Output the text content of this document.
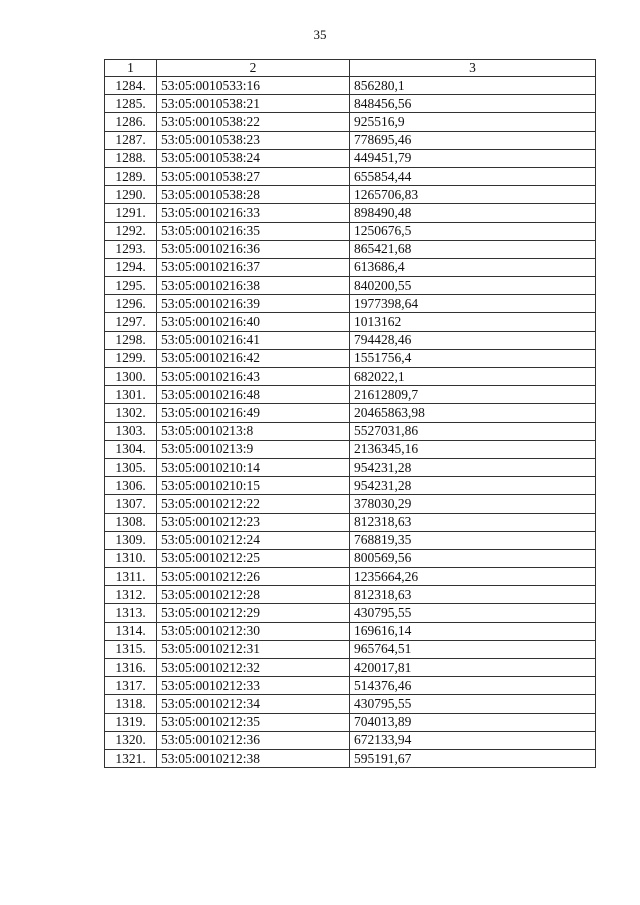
35
1	2	3
1284.	53:05:0010533:16	856280,1
1285.	53:05:0010538:21	848456,56
1286.	53:05:0010538:22	925516,9
1287.	53:05:0010538:23	778695,46
1288.	53:05:0010538:24	449451,79
1289.	53:05:0010538:27	655854,44
1290.	53:05:0010538:28	1265706,83
1291.	53:05:0010216:33	898490,48
1292.	53:05:0010216:35	1250676,5
1293.	53:05:0010216:36	865421,68
1294.	53:05:0010216:37	613686,4
1295.	53:05:0010216:38	840200,55
1296.	53:05:0010216:39	1977398,64
1297.	53:05:0010216:40	1013162
1298.	53:05:0010216:41	794428,46
1299.	53:05:0010216:42	1551756,4
1300.	53:05:0010216:43	682022,1
1301.	53:05:0010216:48	21612809,7
1302.	53:05:0010216:49	20465863,98
1303.	53:05:0010213:8	5527031,86
1304.	53:05:0010213:9	2136345,16
1305.	53:05:0010210:14	954231,28
1306.	53:05:0010210:15	954231,28
1307.	53:05:0010212:22	378030,29
1308.	53:05:0010212:23	812318,63
1309.	53:05:0010212:24	768819,35
1310.	53:05:0010212:25	800569,56
1311.	53:05:0010212:26	1235664,26
1312.	53:05:0010212:28	812318,63
1313.	53:05:0010212:29	430795,55
1314.	53:05:0010212:30	169616,14
1315.	53:05:0010212:31	965764,51
1316.	53:05:0010212:32	420017,81
1317.	53:05:0010212:33	514376,46
1318.	53:05:0010212:34	430795,55
1319.	53:05:0010212:35	704013,89
1320.	53:05:0010212:36	672133,94
1321.	53:05:0010212:38	595191,67
